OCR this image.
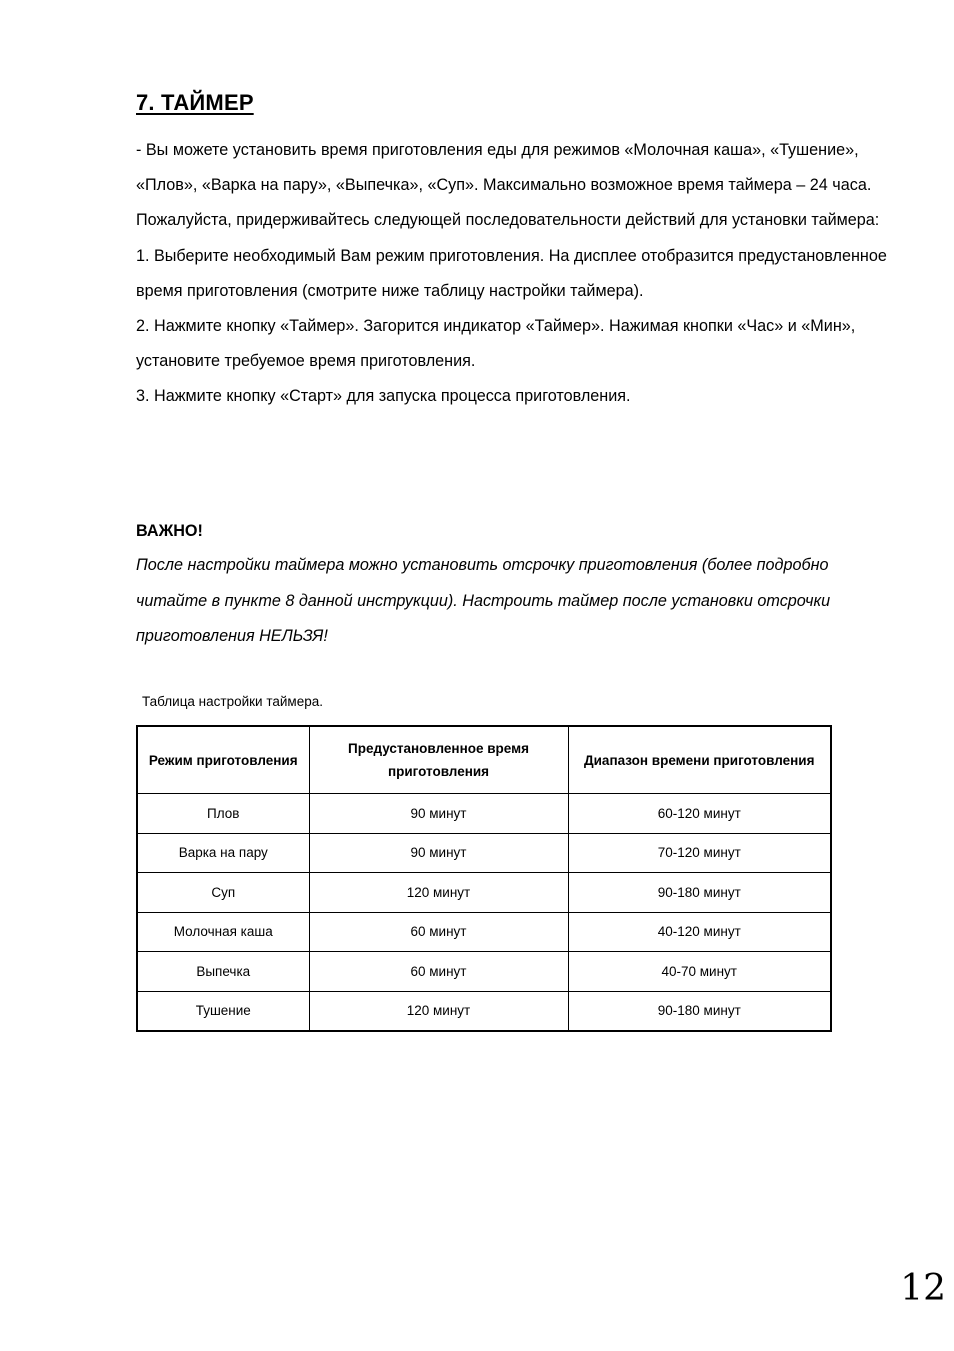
7. ТАЙМЕР

- Вы можете установить время приготовления еды для режимов «Молочная каша», «Тушение», «Плов», «Варка на пару», «Выпечка», «Суп». Максимально возможное время таймера – 24 часа.

Пожалуйста, придерживайтесь следующей последовательности действий для установки таймера:

1. Выберите необходимый Вам режим приготовления. На дисплее отобразится предустановленное время приготовления (смотрите ниже таблицу настройки таймера).

2. Нажмите кнопку «Таймер». Загорится индикатор «Таймер». Нажимая кнопки «Час» и «Мин», установите требуемое время приготовления.

3. Нажмите кнопку «Старт» для запуска процесса приготовления.

ВАЖНО!
После настройки таймера можно установить отсрочку приготовления (более подробно читайте в пункте 8 данной инструкции). Настроить таймер после установки отсрочки приготовления НЕЛЬЗЯ!
Таблица настройки таймера.
Режим приготовления	Предустановленное время приготовления	Диапазон времени приготовления
Плов	90 минут	60-120 минут
Варка на пару	90 минут	70-120 минут
Суп	120 минут	90-180 минут
Молочная каша	60 минут	40-120 минут
Выпечка	60 минут	40-70 минут
Тушение	120 минут	90-180 минут
12
